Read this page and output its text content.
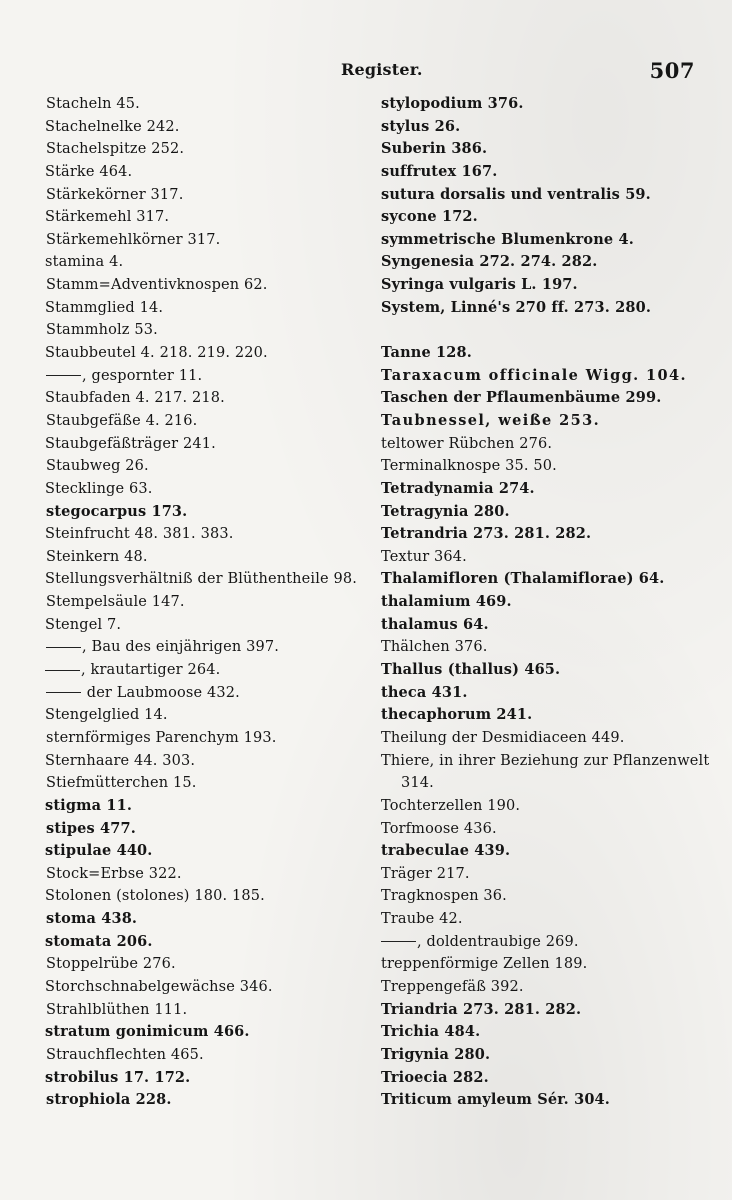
Register.	507
Stacheln 45.
Stachelnelke 242.
Stachelspitze 252.
Stärke 464.
Stärkekörner 317.
Stärkemehl 317.
Stärkemehlkörner 317.
stamina 4.
Stamm=Adventivknospen 62.
Stammglied 14.
Stammholz 53.
Staubbeutel 4. 218. 219. 220.
, gespornter 11.
Staubfaden 4. 217. 218.
Staubgefäße 4. 216.
Staubgefäßträger 241.
Staubweg 26.
Stecklinge 63.
stegocarpus 173.
Steinfrucht 48. 381. 383.
Steinkern 48.
Stellungsverhältniß der Blüthentheile 98.
Stempelsäule 147.
Stengel 7.
, Bau des einjährigen 397.
, krautartiger 264.
der Laubmoose 432.
Stengelglied 14.
sternförmiges Parenchym 193.
Sternhaare 44. 303.
Stiefmütterchen 15.
stigma 11.
stipes 477.
stipulae 440.
Stock=Erbse 322.
Stolonen (stolones) 180. 185.
stoma 438.
stomata 206.
Stoppelrübe 276.
Storchschnabelgewächse 346.
Strahlblüthen 111.
stratum gonimicum 466.
Strauchflechten 465.
strobilus 17. 172.
strophiola 228.
stylopodium 376.
stylus 26.
Suberin 386.
suffrutex 167.
sutura dorsalis und ventralis 59.
sycone 172.
symmetrische Blumenkrone 4.
Syngenesia 272. 274. 282.
Syringa vulgaris L. 197.
System, Linné's 270 ff. 273. 280.
Tanne 128.
Taraxacum officinale Wigg. 104.
Taschen der Pflaumenbäume 299.
Taubnessel, weiße 253.
teltower Rübchen 276.
Terminalknospe 35. 50.
Tetradynamia 274.
Tetragynia 280.
Tetrandria 273. 281. 282.
Textur 364.
Thalamifloren (Thalamiflorae) 64.
thalamium 469.
thalamus 64.
Thälchen 376.
Thallus (thallus) 465.
theca 431.
thecaphorum 241.
Theilung der Desmidiaceen 449.
Thiere, in ihrer Beziehung zur Pflanzenwelt
314.
Tochterzellen 190.
Torfmoose 436.
trabeculae 439.
Träger 217.
Tragknospen 36.
Traube 42.
, doldentraubige 269.
treppenförmige Zellen 189.
Treppengefäß 392.
Triandria 273. 281. 282.
Trichia 484.
Trigynia 280.
Trioecia 282.
Triticum amyleum Sér. 304.
